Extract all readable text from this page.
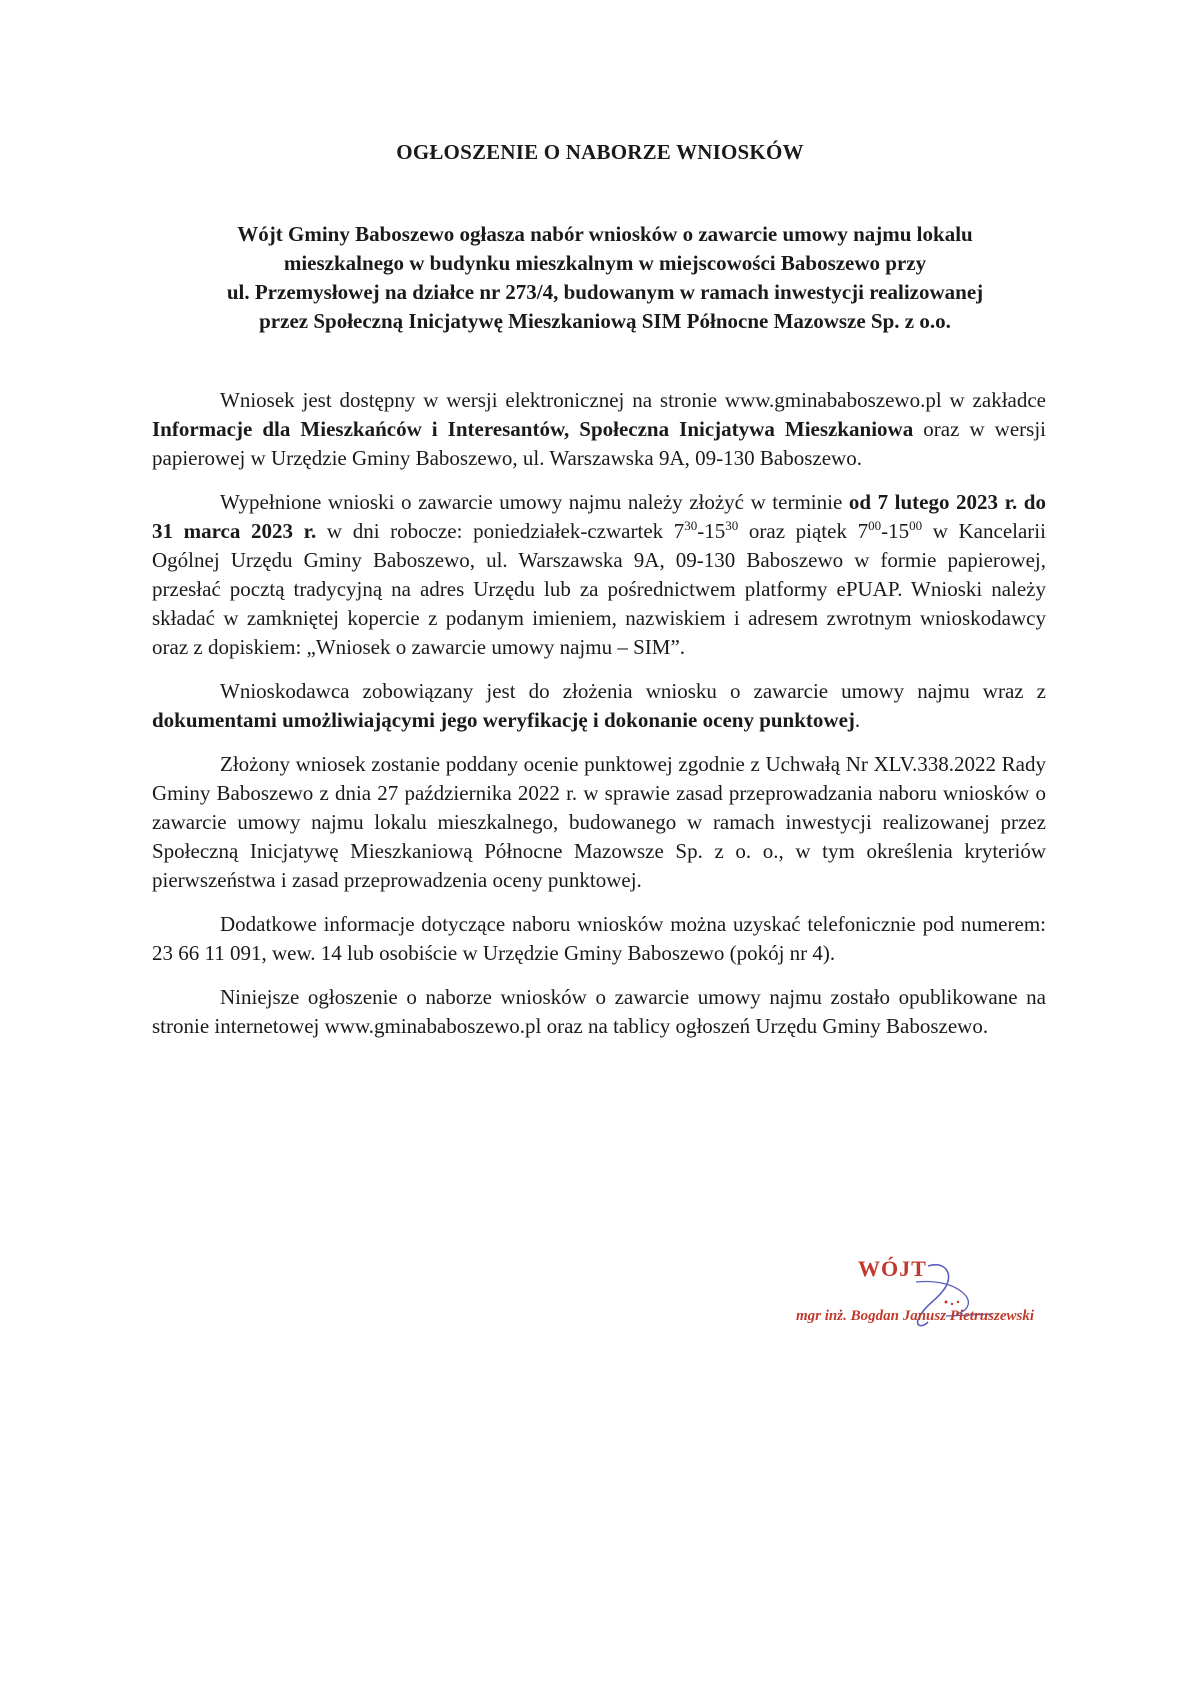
OGŁOSZENIE O NABORZE WNIOSKÓW
Wójt Gminy Baboszewo ogłasza nabór wniosków o zawarcie umowy najmu lokalu
mieszkalnego w budynku mieszkalnym w miejscowości Baboszewo przy
ul. Przemysłowej na działce nr 273/4, budowanym w ramach inwestycji realizowanej
przez Społeczną Inicjatywę Mieszkaniową SIM Północne Mazowsze Sp. z o.o.

Wniosek jest dostępny w wersji elektronicznej na stronie www.gminababoszewo.pl w zakładce Informacje dla Mieszkańców i Interesantów, Społeczna Inicjatywa Mieszkaniowa oraz w wersji papierowej w Urzędzie Gminy Baboszewo, ul. Warszawska 9A, 09-130 Baboszewo.

Wypełnione wnioski o zawarcie umowy najmu należy złożyć w terminie od 7 lutego 2023 r. do 31 marca 2023 r. w dni robocze: poniedziałek-czwartek $7^{30}-15^{30}$ oraz piątek $7^{00}-15^{00}$ w Kancelarii Ogólnej Urzędu Gminy Baboszewo, ul. Warszawska 9A, 09-130 Baboszewo w formie papierowej, przesłać pocztą tradycyjną na adres Urzędu lub za pośrednictwem platformy ePUAP. Wnioski należy składać w zamkniętej kopercie z podanym imieniem, nazwiskiem i adresem zwrotnym wnioskodawcy oraz z dopiskiem: „Wniosek o zawarcie umowy najmu – SIM”.

Wnioskodawca zobowiązany jest do złożenia wniosku o zawarcie umowy najmu wraz z dokumentami umożliwiającymi jego weryfikację i dokonanie oceny punktowej.

Złożony wniosek zostanie poddany ocenie punktowej zgodnie z Uchwałą Nr XLV.338.2022 Rady Gminy Baboszewo z dnia 27 października 2022 r. w sprawie zasad przeprowadzania naboru wniosków o zawarcie umowy najmu lokalu mieszkalnego, budowanego w ramach inwestycji realizowanej przez Społeczną Inicjatywę Mieszkaniową Północne Mazowsze Sp. z o. o., w tym określenia kryteriów pierwszeństwa i zasad przeprowadzenia oceny punktowej.

Dodatkowe informacje dotyczące naboru wniosków można uzyskać telefonicznie pod numerem: 23 66 11 091, wew. 14 lub osobiście w Urzędzie Gminy Baboszewo (pokój nr 4).

Niniejsze ogłoszenie o naborze wniosków o zawarcie umowy najmu zostało opublikowane na stronie internetowej www.gminababoszewo.pl oraz na tablicy ogłoszeń Urzędu Gminy Baboszewo.

WÓJT
mgr inż. Bogdan Janusz Pietruszewski
